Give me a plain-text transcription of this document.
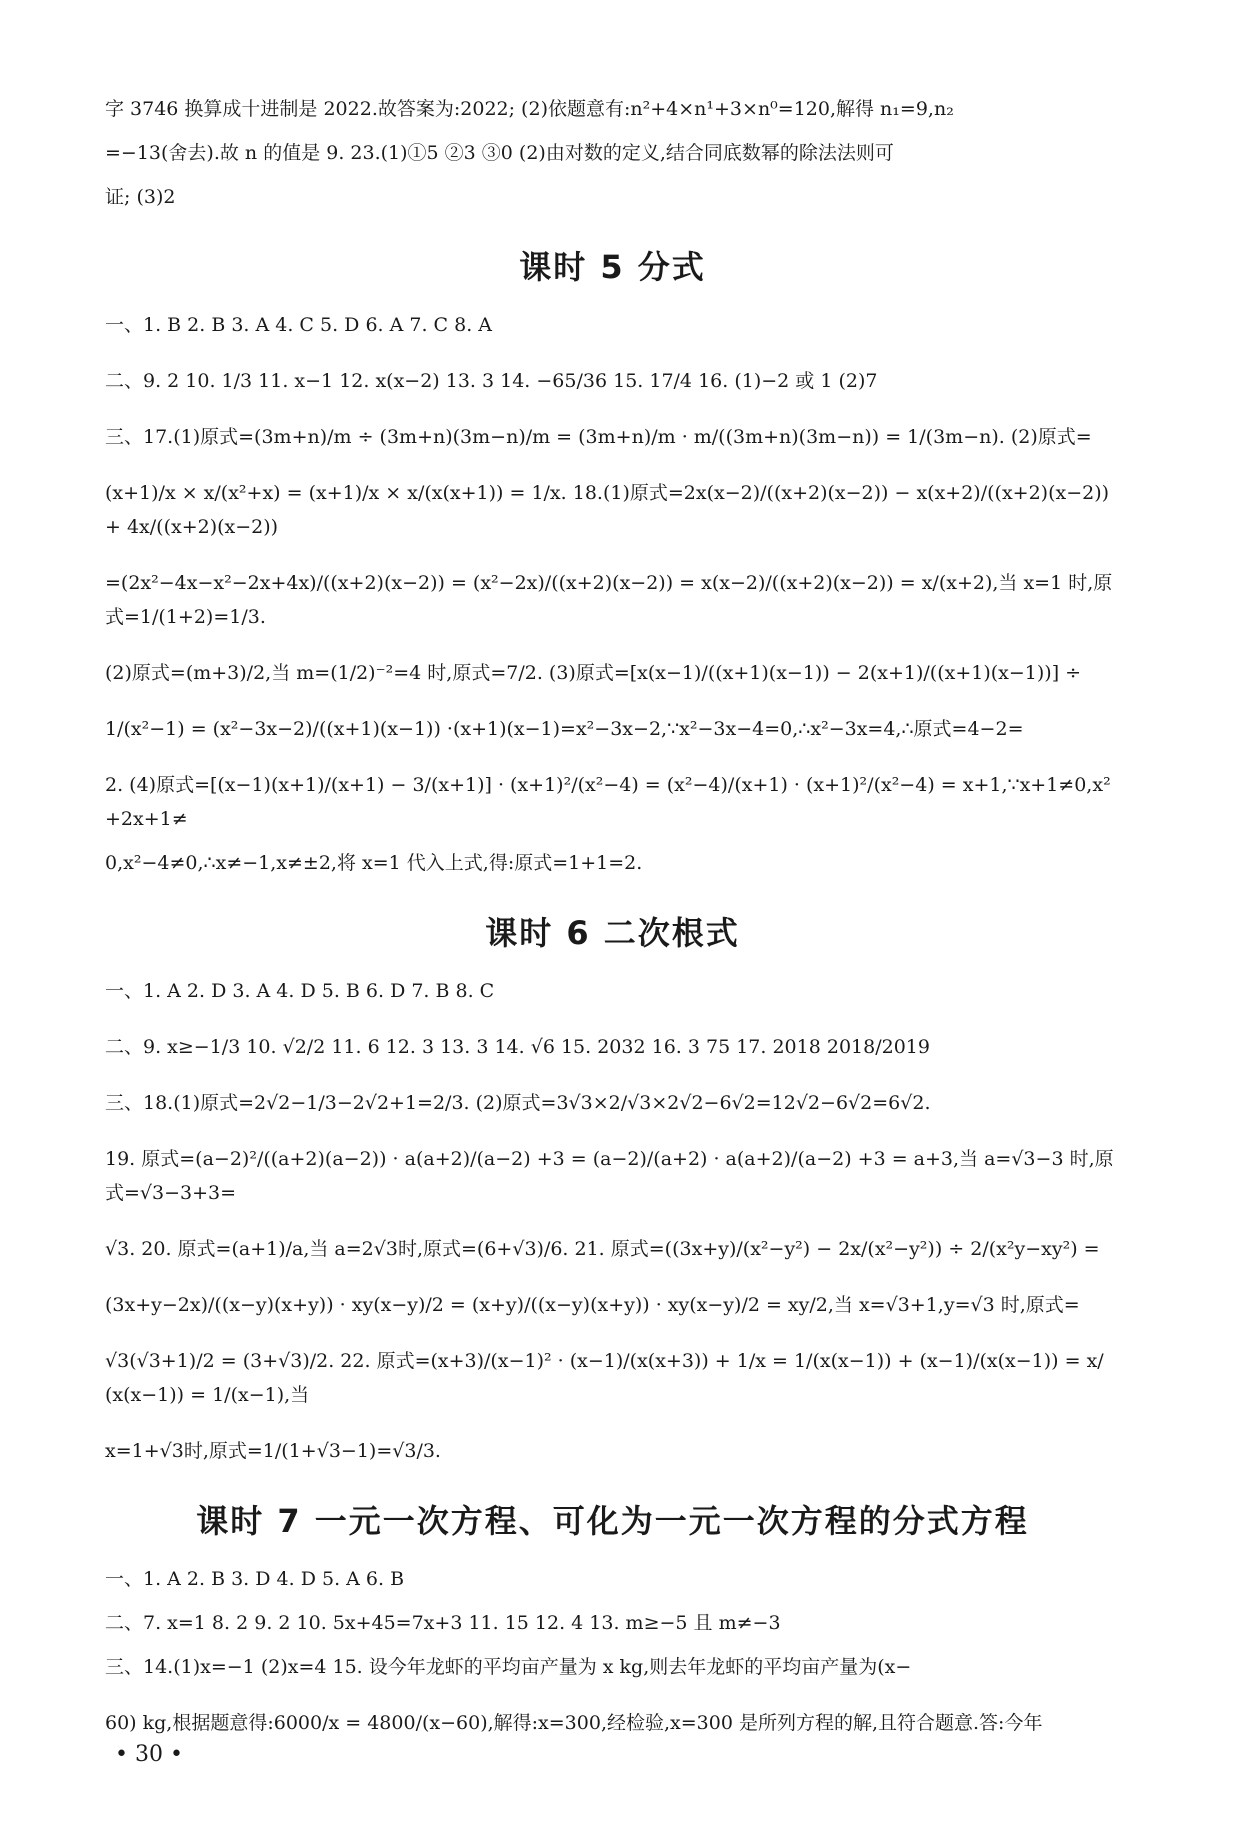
字 3746 换算成十进制是 2022.故答案为:2022; (2)依题意有:n²+4×n¹+3×n⁰=120,解得 n₁=9,n₂

=−13(舍去).故 n 的值是 9. 23.(1)①5 ②3 ③0 (2)由对数的定义,结合同底数幂的除法法则可

证; (3)2

课时 5 分式

一、1. B 2. B 3. A 4. C 5. D 6. A 7. C 8. A

二、9. 2 10. 1/3 11. x−1 12. x(x−2) 13. 3 14. −65/36 15. 17/4 16. (1)−2 或 1 (2)7

三、17.(1)原式=(3m+n)/m ÷ (3m+n)(3m−n)/m = (3m+n)/m · m/((3m+n)(3m−n)) = 1/(3m−n). (2)原式=

(x+1)/x × x/(x²+x) = (x+1)/x × x/(x(x+1)) = 1/x. 18.(1)原式=2x(x−2)/((x+2)(x−2)) − x(x+2)/((x+2)(x−2)) + 4x/((x+2)(x−2))

=(2x²−4x−x²−2x+4x)/((x+2)(x−2)) = (x²−2x)/((x+2)(x−2)) = x(x−2)/((x+2)(x−2)) = x/(x+2),当 x=1 时,原式=1/(1+2)=1/3.

(2)原式=(m+3)/2,当 m=(1/2)⁻²=4 时,原式=7/2. (3)原式=[x(x−1)/((x+1)(x−1)) − 2(x+1)/((x+1)(x−1))] ÷

1/(x²−1) = (x²−3x−2)/((x+1)(x−1)) ·(x+1)(x−1)=x²−3x−2,∵x²−3x−4=0,∴x²−3x=4,∴原式=4−2=

2. (4)原式=[(x−1)(x+1)/(x+1) − 3/(x+1)] · (x+1)²/(x²−4) = (x²−4)/(x+1) · (x+1)²/(x²−4) = x+1,∵x+1≠0,x²+2x+1≠

0,x²−4≠0,∴x≠−1,x≠±2,将 x=1 代入上式,得:原式=1+1=2.

课时 6 二次根式

一、1. A 2. D 3. A 4. D 5. B 6. D 7. B 8. C

二、9. x≥−1/3 10. √2/2 11. 6 12. 3 13. 3 14. √6 15. 2032 16. 3 75 17. 2018 2018/2019

三、18.(1)原式=2√2−1/3−2√2+1=2/3. (2)原式=3√3×2/√3×2√2−6√2=12√2−6√2=6√2.

19. 原式=(a−2)²/((a+2)(a−2)) · a(a+2)/(a−2) +3 = (a−2)/(a+2) · a(a+2)/(a−2) +3 = a+3,当 a=√3−3 时,原式=√3−3+3=

√3. 20. 原式=(a+1)/a,当 a=2√3时,原式=(6+√3)/6. 21. 原式=((3x+y)/(x²−y²) − 2x/(x²−y²)) ÷ 2/(x²y−xy²) =

(3x+y−2x)/((x−y)(x+y)) · xy(x−y)/2 = (x+y)/((x−y)(x+y)) · xy(x−y)/2 = xy/2,当 x=√3+1,y=√3 时,原式=

√3(√3+1)/2 = (3+√3)/2. 22. 原式=(x+3)/(x−1)² · (x−1)/(x(x+3)) + 1/x = 1/(x(x−1)) + (x−1)/(x(x−1)) = x/(x(x−1)) = 1/(x−1),当

x=1+√3时,原式=1/(1+√3−1)=√3/3.

课时 7 一元一次方程、可化为一元一次方程的分式方程

一、1. A 2. B 3. D 4. D 5. A 6. B

二、7. x=1 8. 2 9. 2 10. 5x+45=7x+3 11. 15 12. 4 13. m≥−5 且 m≠−3

三、14.(1)x=−1 (2)x=4 15. 设今年龙虾的平均亩产量为 x kg,则去年龙虾的平均亩产量为(x−

60) kg,根据题意得:6000/x = 4800/(x−60),解得:x=300,经检验,x=300 是所列方程的解,且符合题意.答:今年

• 30 •
